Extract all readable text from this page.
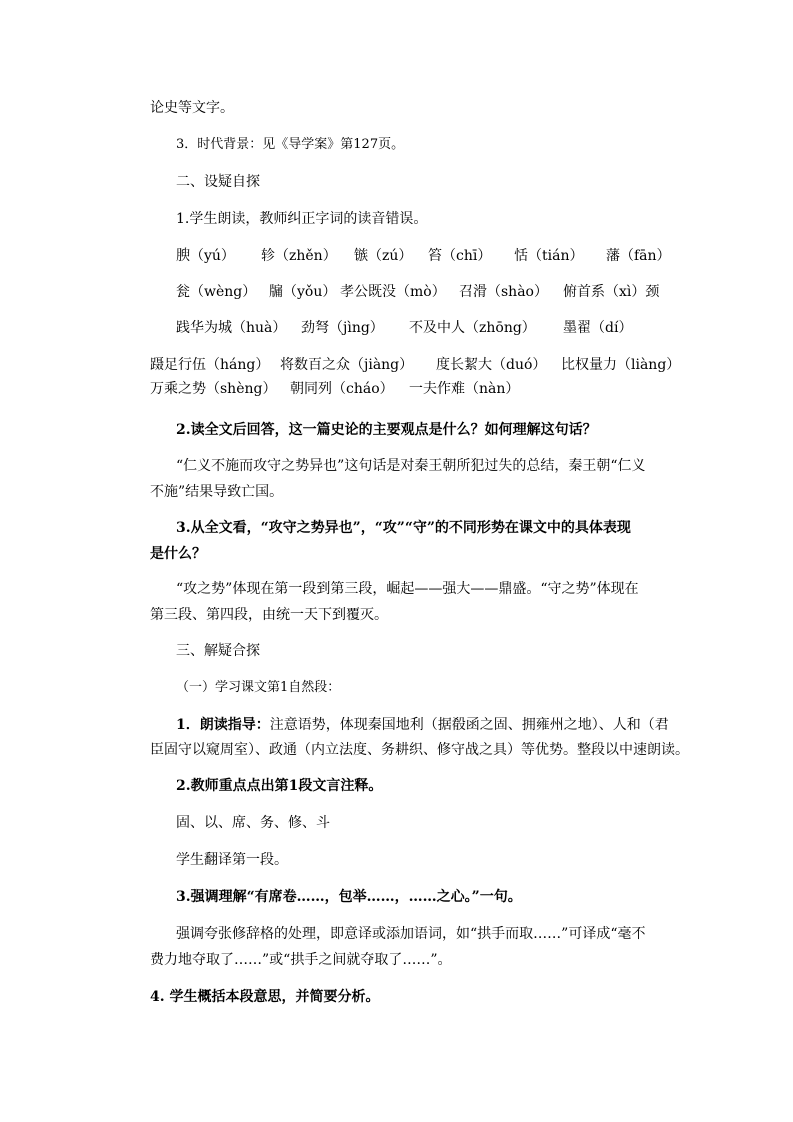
论史等文字。
3．时代背景：见《导学案》第127页。
二、设疑自探
1.学生朗读，教师纠正字词的读音错误。
腴（yú） 轸（zhěn） 镞（zú） 笞（chī） 恬（tián） 藩（fān）
瓮（wèng） 牖（yǒu） 孝公既没（mò） 召滑（shào） 俯首系（xì）颈
践华为城（huà） 劲弩（jìng） 不及中人（zhōng） 墨翟（dí）
蹑足行伍（háng） 将数百之众（jiàng） 度长絜大（duó） 比权量力（liàng）
万乘之势（shèng） 朝同列（cháo） 一夫作难（nàn）
2.读全文后回答，这一篇史论的主要观点是什么？如何理解这句话？
“仁义不施而攻守之势异也”这句话是对秦王朝所犯过失的总结，秦王朝“仁义
不施”结果导致亡国。
3.从全文看，“攻守之势异也”，“攻”“守”的不同形势在课文中的具体表现
是什么？
“攻之势”体现在第一段到第三段，崛起——强大——鼎盛。“守之势”体现在
第三段、第四段，由统一天下到覆灭。
三、解疑合探
（一）学习课文第1自然段：
1．朗读指导：注意语势，体现秦国地利（据殽函之固、拥雍州之地）、人和（君
臣固守以窥周室）、政通（内立法度、务耕织、修守战之具）等优势。整段以中速朗读。
2.教师重点点出第1段文言注释。
固、以、席、务、修、斗
学生翻译第一段。
3.强调理解“有席卷……，包举……，……之心。”一句。
强调夸张修辞格的处理，即意译或添加语词，如“拱手而取……”可译成“毫不
费力地夺取了……”或“拱手之间就夺取了……”。
4. 学生概括本段意思，并简要分析。
